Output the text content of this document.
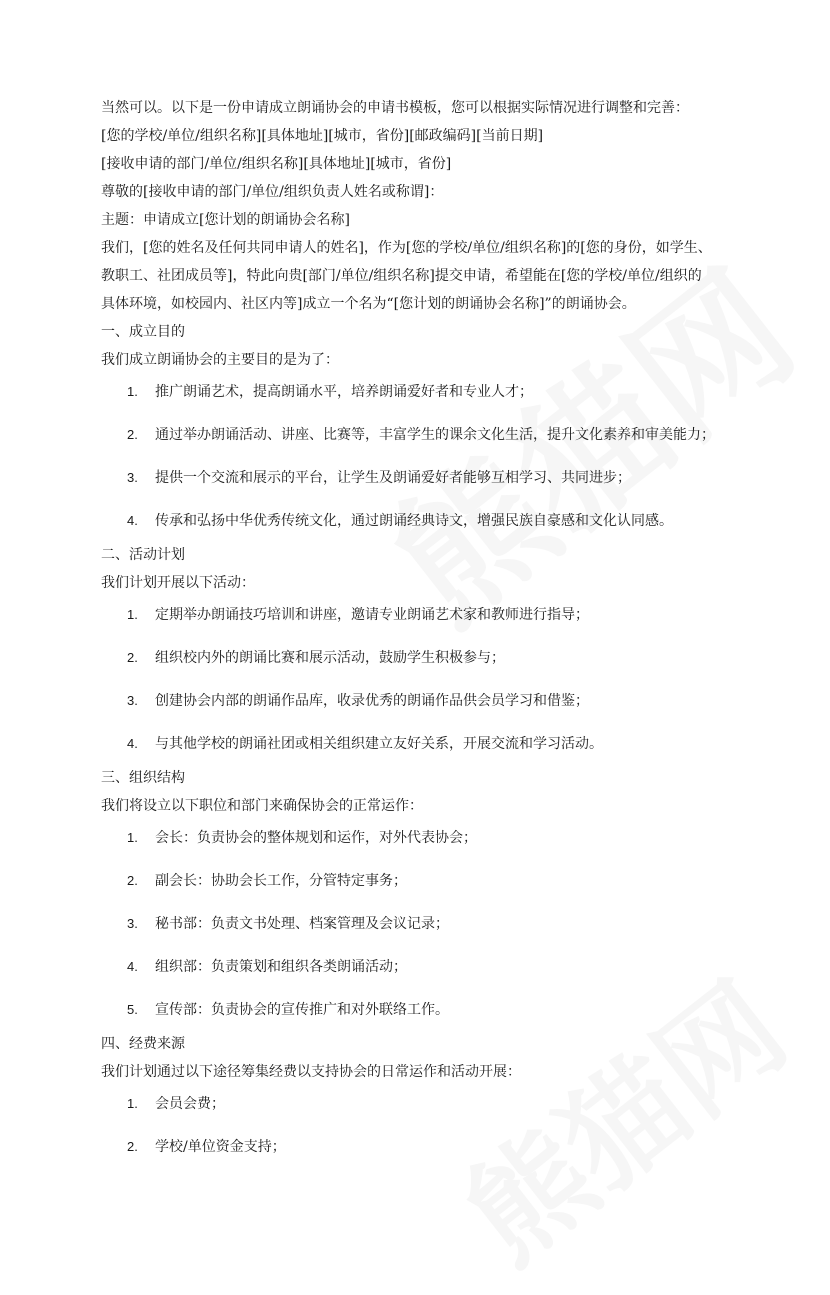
当然可以。以下是一份申请成立朗诵协会的申请书模板，您可以根据实际情况进行调整和完善：
[您的学校/单位/组织名称][具体地址][城市，省份][邮政编码][当前日期]
[接收申请的部门/单位/组织名称][具体地址][城市，省份]
尊敬的[接收申请的部门/单位/组织负责人姓名或称谓]：
主题：申请成立[您计划的朗诵协会名称]
我们，[您的姓名及任何共同申请人的姓名]，作为[您的学校/单位/组织名称]的[您的身份，如学生、
教职工、社团成员等]，特此向贵[部门/单位/组织名称]提交申请，希望能在[您的学校/单位/组织的
具体环境，如校园内、社区内等]成立一个名为“[您计划的朗诵协会名称]”的朗诵协会。
一、成立目的
我们成立朗诵协会的主要目的是为了：
1.	推广朗诵艺术，提高朗诵水平，培养朗诵爱好者和专业人才；
2.	通过举办朗诵活动、讲座、比赛等，丰富学生的课余文化生活，提升文化素养和审美能力；
3.	提供一个交流和展示的平台，让学生及朗诵爱好者能够互相学习、共同进步；
4.	传承和弘扬中华优秀传统文化，通过朗诵经典诗文，增强民族自豪感和文化认同感。
二、活动计划
我们计划开展以下活动：
1.	定期举办朗诵技巧培训和讲座，邀请专业朗诵艺术家和教师进行指导；
2.	组织校内外的朗诵比赛和展示活动，鼓励学生积极参与；
3.	创建协会内部的朗诵作品库，收录优秀的朗诵作品供会员学习和借鉴；
4.	与其他学校的朗诵社团或相关组织建立友好关系，开展交流和学习活动。
三、组织结构
我们将设立以下职位和部门来确保协会的正常运作：
1.	会长：负责协会的整体规划和运作，对外代表协会；
2.	副会长：协助会长工作，分管特定事务；
3.	秘书部：负责文书处理、档案管理及会议记录；
4.	组织部：负责策划和组织各类朗诵活动；
5.	宣传部：负责协会的宣传推广和对外联络工作。
四、经费来源
我们计划通过以下途径筹集经费以支持协会的日常运作和活动开展：
1.	会员会费；
2.	学校/单位资金支持；
